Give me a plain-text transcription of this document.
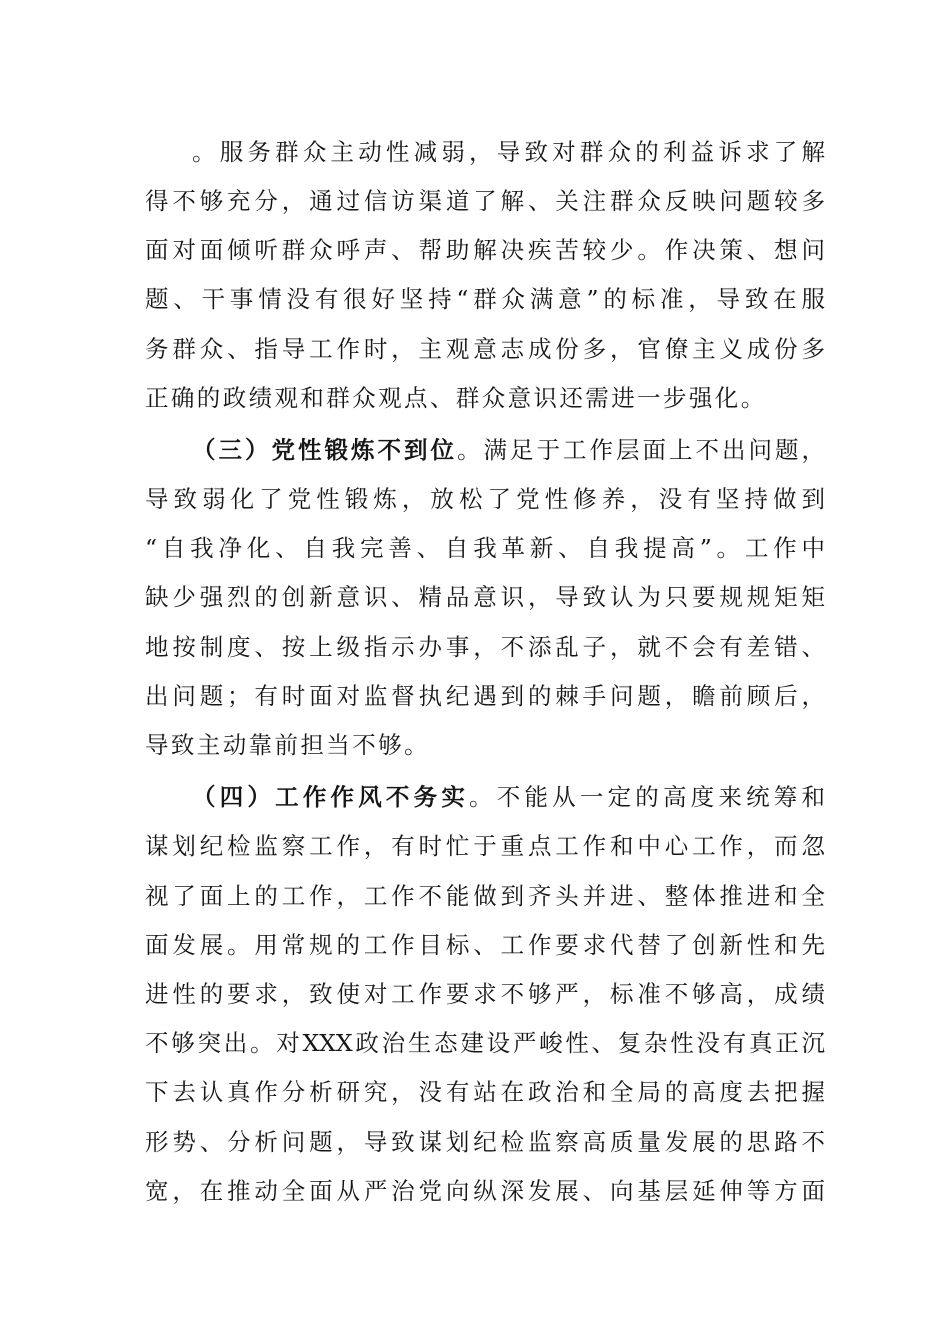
。服务群众主动性减弱，导致对群众的利益诉求了解
得不够充分，通过信访渠道了解、关注群众反映问题较多
面对面倾听群众呼声、帮助解决疾苦较少。作决策、想问
题、干事情没有很好坚持“群众满意”的标准，导致在服
务群众、指导工作时，主观意志成份多，官僚主义成份多
正确的政绩观和群众观点、群众意识还需进一步强化。
（三）党性锻炼不到位。满足于工作层面上不出问题，
导致弱化了党性锻炼，放松了党性修养，没有坚持做到
“自我净化、自我完善、自我革新、自我提高”。工作中
缺少强烈的创新意识、精品意识，导致认为只要规规矩矩
地按制度、按上级指示办事，不添乱子，就不会有差错、
出问题；有时面对监督执纪遇到的棘手问题，瞻前顾后，
导致主动靠前担当不够。
（四）工作作风不务实。不能从一定的高度来统筹和
谋划纪检监察工作，有时忙于重点工作和中心工作，而忽
视了面上的工作，工作不能做到齐头并进、整体推进和全
面发展。用常规的工作目标、工作要求代替了创新性和先
进性的要求，致使对工作要求不够严，标准不够高，成绩
不够突出。对XXX政治生态建设严峻性、复杂性没有真正沉
下去认真作分析研究，没有站在政治和全局的高度去把握
形势、分析问题，导致谋划纪检监察高质量发展的思路不
宽，在推动全面从严治党向纵深发展、向基层延伸等方面
